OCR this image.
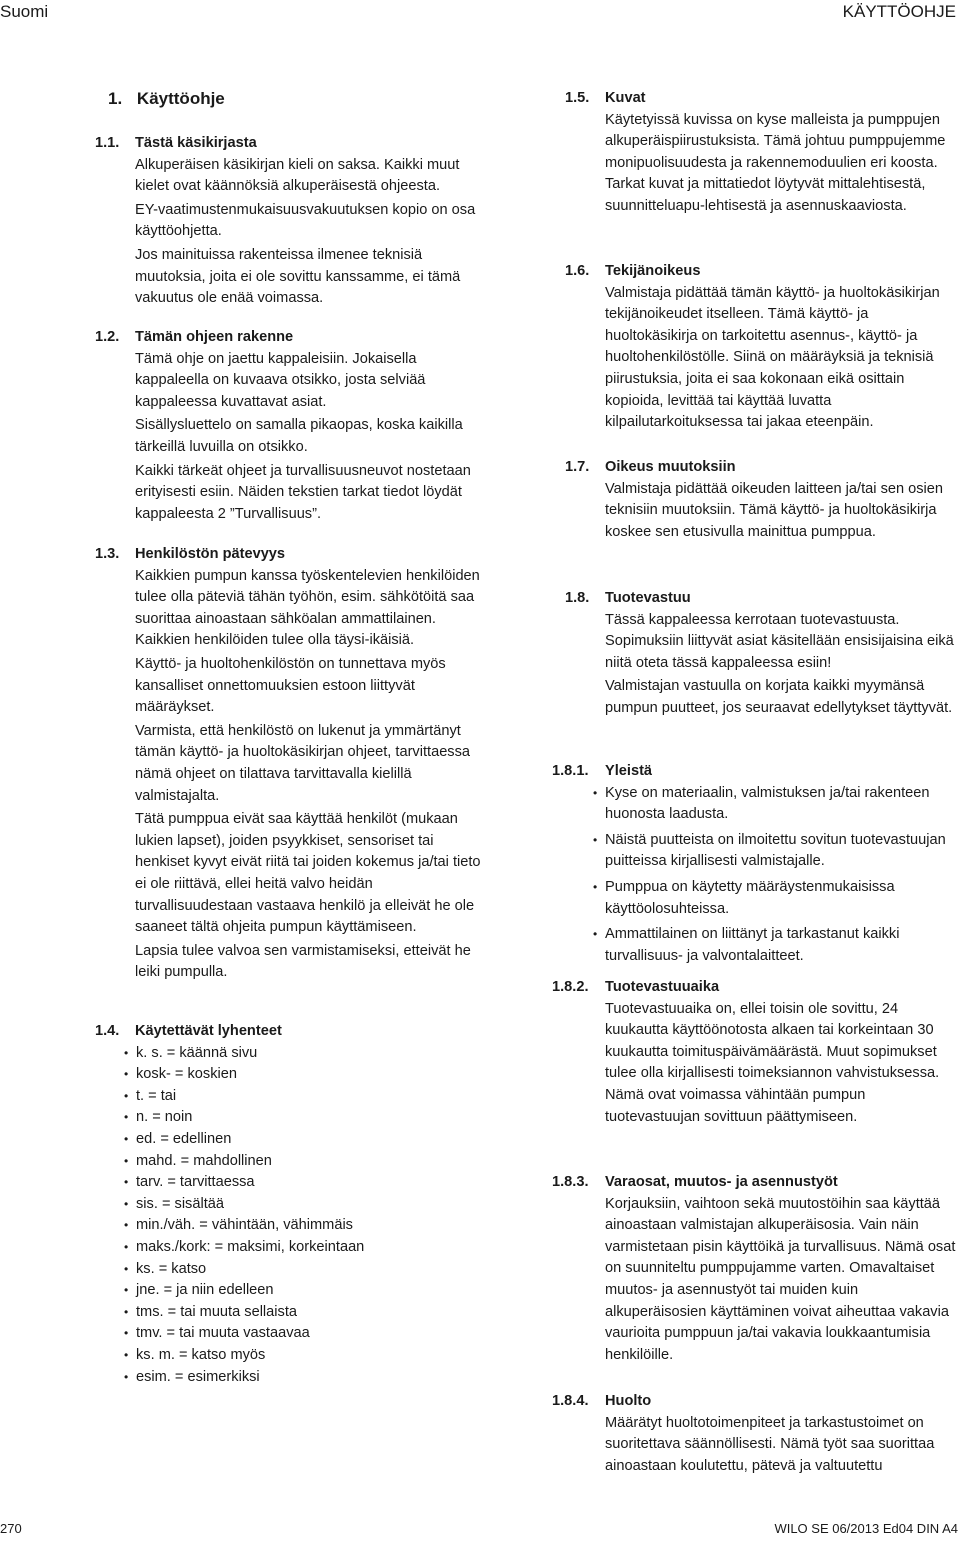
Suomi	KÄYTTÖOHJE
1. Käyttöohje
1.1. Tästä käsikirjasta

Alkuperäisen käsikirjan kieli on saksa. Kaikki muut kielet ovat käännöksiä alkuperäisestä ohjeesta.

EY-vaatimustenmukaisuusvakuutuksen kopio on osa käyttöohjetta.

Jos mainituissa rakenteissa ilmenee teknisiä muutoksia, joita ei ole sovittu kanssamme, ei tämä vakuutus ole enää voimassa.

1.2. Tämän ohjeen rakenne

Tämä ohje on jaettu kappaleisiin. Jokaisella kappaleella on kuvaava otsikko, josta selviää kappaleessa kuvattavat asiat.

Sisällysluettelo on samalla pikaopas, koska kaikilla tärkeillä luvuilla on otsikko.

Kaikki tärkeät ohjeet ja turvallisuusneuvot nostetaan erityisesti esiin. Näiden tekstien tarkat tiedot löydät kappaleesta 2 ”Turvallisuus”.

1.3. Henkilöstön pätevyys

Kaikkien pumpun kanssa työskentelevien henkilöiden tulee olla päteviä tähän työhön, esim. sähkötöitä saa suorittaa ainoastaan sähköalan ammattilainen. Kaikkien henkilöiden tulee olla täysi-ikäisiä.

Käyttö- ja huoltohenkilöstön on tunnettava myös kansalliset onnettomuuksien estoon liittyvät määräykset.

Varmista, että henkilöstö on lukenut ja ymmärtänyt tämän käyttö- ja huoltokäsikirjan ohjeet, tarvittaessa nämä ohjeet on tilattava tarvittavalla kielillä valmistajalta.

Tätä pumppua eivät saa käyttää henkilöt (mukaan lukien lapset), joiden psyykkiset, sensoriset tai henkiset kyvyt eivät riitä tai joiden kokemus ja/tai tieto ei ole riittävä, ellei heitä valvo heidän turvallisuudestaan vastaava henkilö ja elleivät he ole saaneet tältä ohjeita pumpun käyttämiseen.

Lapsia tulee valvoa sen varmistamiseksi, etteivät he leiki pumpulla.

1.4. Käytettävät lyhenteet
• k. s. = käännä sivu
• kosk- = koskien
• t. = tai
• n. = noin
• ed. = edellinen
• mahd. = mahdollinen
• tarv. = tarvittaessa
• sis. = sisältää
• min./väh. = vähintään, vähimmäis
• maks./kork: = maksimi, korkeintaan
• ks. = katso
• jne. = ja niin edelleen
• tms. = tai muuta sellaista
• tmv. = tai muuta vastaavaa
• ks. m. = katso myös
• esim. = esimerkiksi
1.5. Kuvat

Käytetyissä kuvissa on kyse malleista ja pumppujen alkuperäispiirustuksista. Tämä johtuu pumppujemme monipuolisuudesta ja rakennemoduulien eri koosta. Tarkat kuvat ja mittatiedot löytyvät mittalehtisestä, suunnitteluapu-lehtisestä ja asennuskaaviosta.

1.6. Tekijänoikeus

Valmistaja pidättää tämän käyttö- ja huoltokäsikirjan tekijänoikeudet itselleen. Tämä käyttö- ja huoltokäsikirja on tarkoitettu asennus-, käyttö- ja huoltohenkilöstölle. Siinä on määräyksiä ja teknisiä piirustuksia, joita ei saa kokonaan eikä osittain kopioida, levittää tai käyttää luvatta kilpailutarkoituksessa tai jakaa eteenpäin.

1.7. Oikeus muutoksiin

Valmistaja pidättää oikeuden laitteen ja/tai sen osien teknisiin muutoksiin. Tämä käyttö- ja huoltokäsikirja koskee sen etusivulla mainittua pumppua.

1.8. Tuotevastuu

Tässä kappaleessa kerrotaan tuotevastuusta. Sopimuksiin liittyvät asiat käsitellään ensisijaisina eikä niitä oteta tässä kappaleessa esiin!

Valmistajan vastuulla on korjata kaikki myymänsä pumpun puutteet, jos seuraavat edellytykset täyttyvät.

1.8.1. Yleistä
• Kyse on materiaalin, valmistuksen ja/tai rakenteen huonosta laadusta.
• Näistä puutteista on ilmoitettu sovitun tuotevastuujan puitteissa kirjallisesti valmistajalle.
• Pumppua on käytetty määräystenmukaisissa käyttöolosuhteissa.
• Ammattilainen on liittänyt ja tarkastanut kaikki turvallisuus- ja valvontalaitteet.
1.8.2. Tuotevastuuaika

Tuotevastuuaika on, ellei toisin ole sovittu, 24 kuukautta käyttöönotosta alkaen tai korkeintaan 30 kuukautta toimituspäivämäärästä. Muut sopimukset tulee olla kirjallisesti toimeksiannon vahvistuksessa. Nämä ovat voimassa vähintään pumpun tuotevastuujan sovittuun päättymiseen.

1.8.3. Varaosat, muutos- ja asennustyöt

Korjauksiin, vaihtoon sekä muutostöihin saa käyttää ainoastaan valmistajan alkuperäisosia. Vain näin varmistetaan pisin käyttöikä ja turvallisuus. Nämä osat on suunniteltu pumppujamme varten. Omavaltaiset muutos- ja asennustyöt tai muiden kuin alkuperäisosien käyttäminen voivat aiheuttaa vakavia vaurioita pumppuun ja/tai vakavia loukkaantumisia henkilöille.

1.8.4. Huolto

Määrätyt huoltotoimenpiteet ja tarkastustoimet on suoritettava säännöllisesti. Nämä työt saa suorittaa ainoastaan koulutettu, pätevä ja valtuutettu

270	WILO SE 06/2013 Ed04 DIN A4
